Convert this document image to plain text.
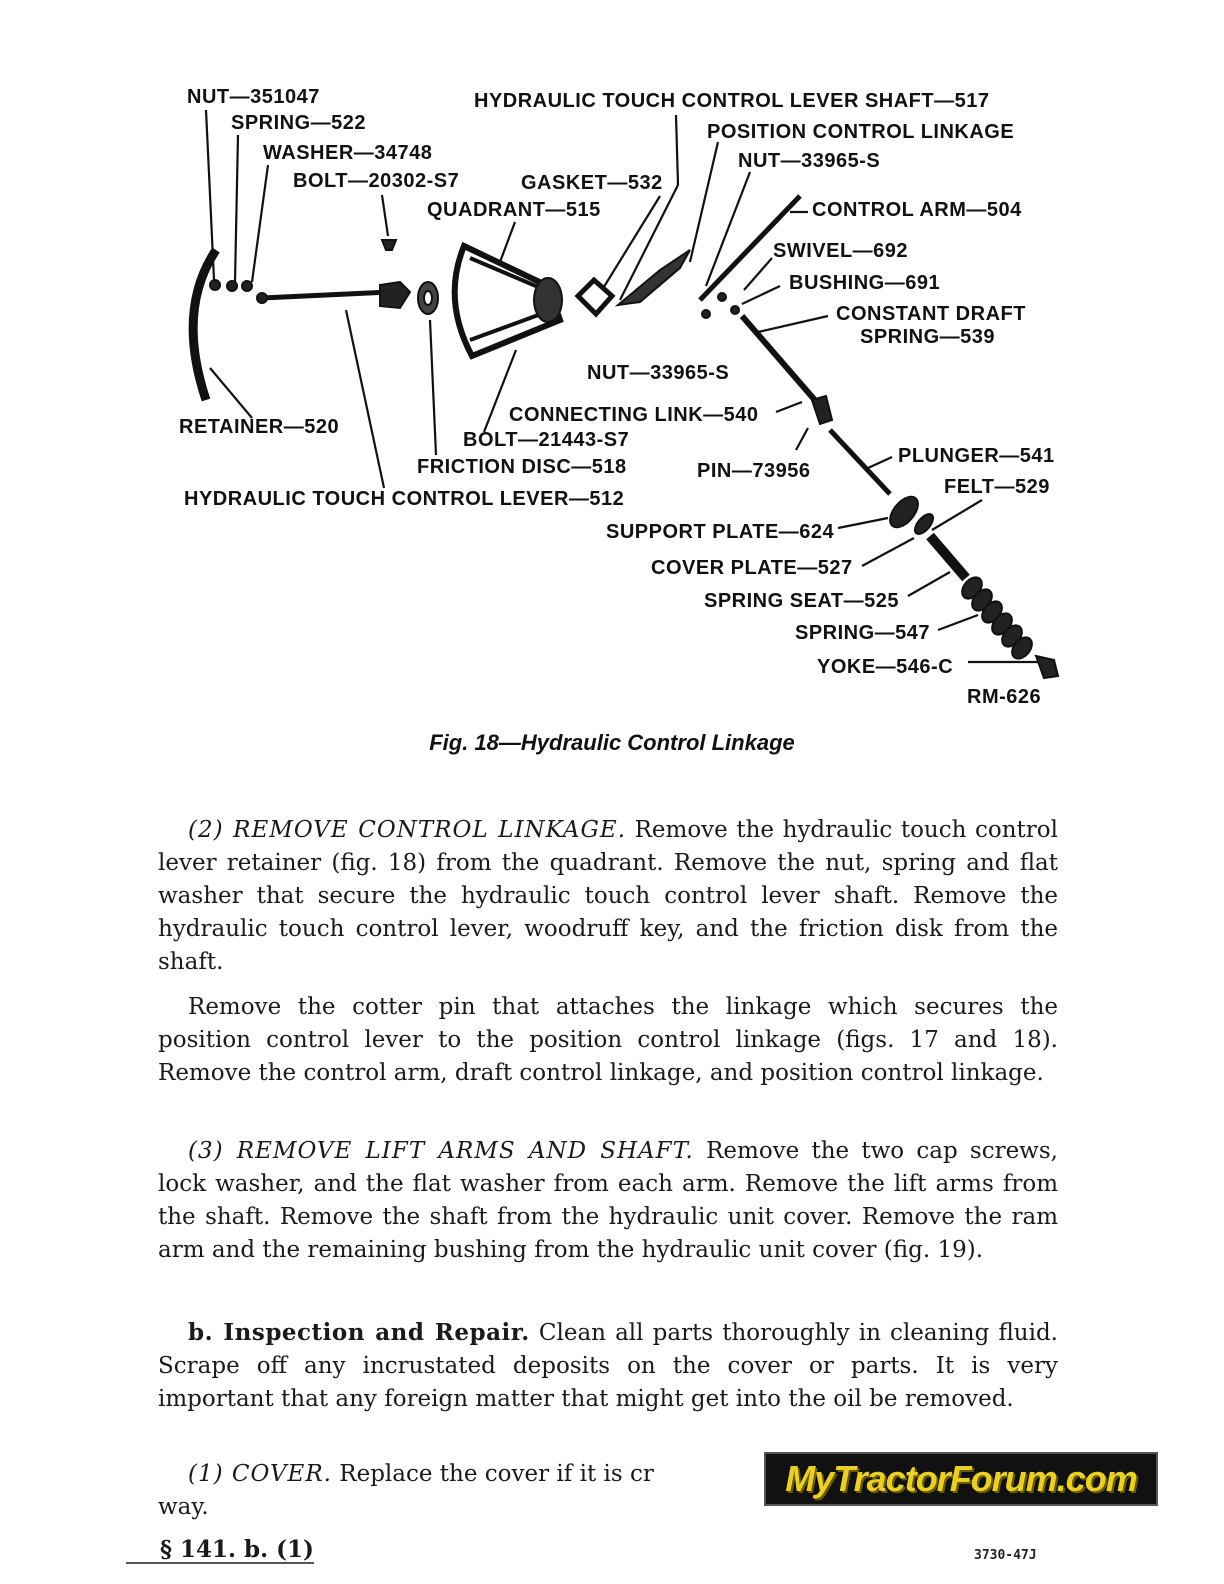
NUT—351047
SPRING—522
WASHER—34748
BOLT—20302-S7	GASKET—532
QUADRANT—515
HYDRAULIC TOUCH CONTROL LEVER SHAFT—517
POSITION CONTROL LINKAGE
NUT—33965-S
CONTROL ARM—504
SWIVEL—692
BUSHING—691
CONSTANT DRAFT
SPRING—539
NUT—33965-S
RETAINER—520
CONNECTING LINK—540
BOLT—21443-S7
FRICTION DISC—518	PIN—73956
PLUNGER—541
FELT—529
HYDRAULIC TOUCH CONTROL LEVER—512
SUPPORT PLATE—624
COVER PLATE—527
SPRING SEAT—525
SPRING—547
YOKE—546-C
RM-626
Fig. 18—Hydraulic Control Linkage

(2) REMOVE CONTROL LINKAGE. Remove the hydraulic touch control lever retainer (fig. 18) from the quadrant. Remove the nut, spring and flat washer that secure the hydraulic touch control lever shaft. Remove the hydraulic touch control lever, woodruff key, and the friction disk from the shaft.

Remove the cotter pin that attaches the linkage which secures the position control lever to the position control linkage (figs. 17 and 18). Remove the control arm, draft control linkage, and position control linkage.

(3) REMOVE LIFT ARMS AND SHAFT. Remove the two cap screws, lock washer, and the flat washer from each arm. Remove the lift arms from the shaft. Remove the shaft from the hydraulic unit cover. Remove the ram arm and the remaining bushing from the hydraulic unit cover (fig. 19).

b. Inspection and Repair. Clean all parts thoroughly in cleaning fluid. Scrape off any incrustated deposits on the cover or parts. It is very important that any foreign matter that might get into the oil be removed.

(1) COVER. Replace the cover if it is cr

way.

MyTractorForum.com
§ 141. b. (1)	3730-47J
